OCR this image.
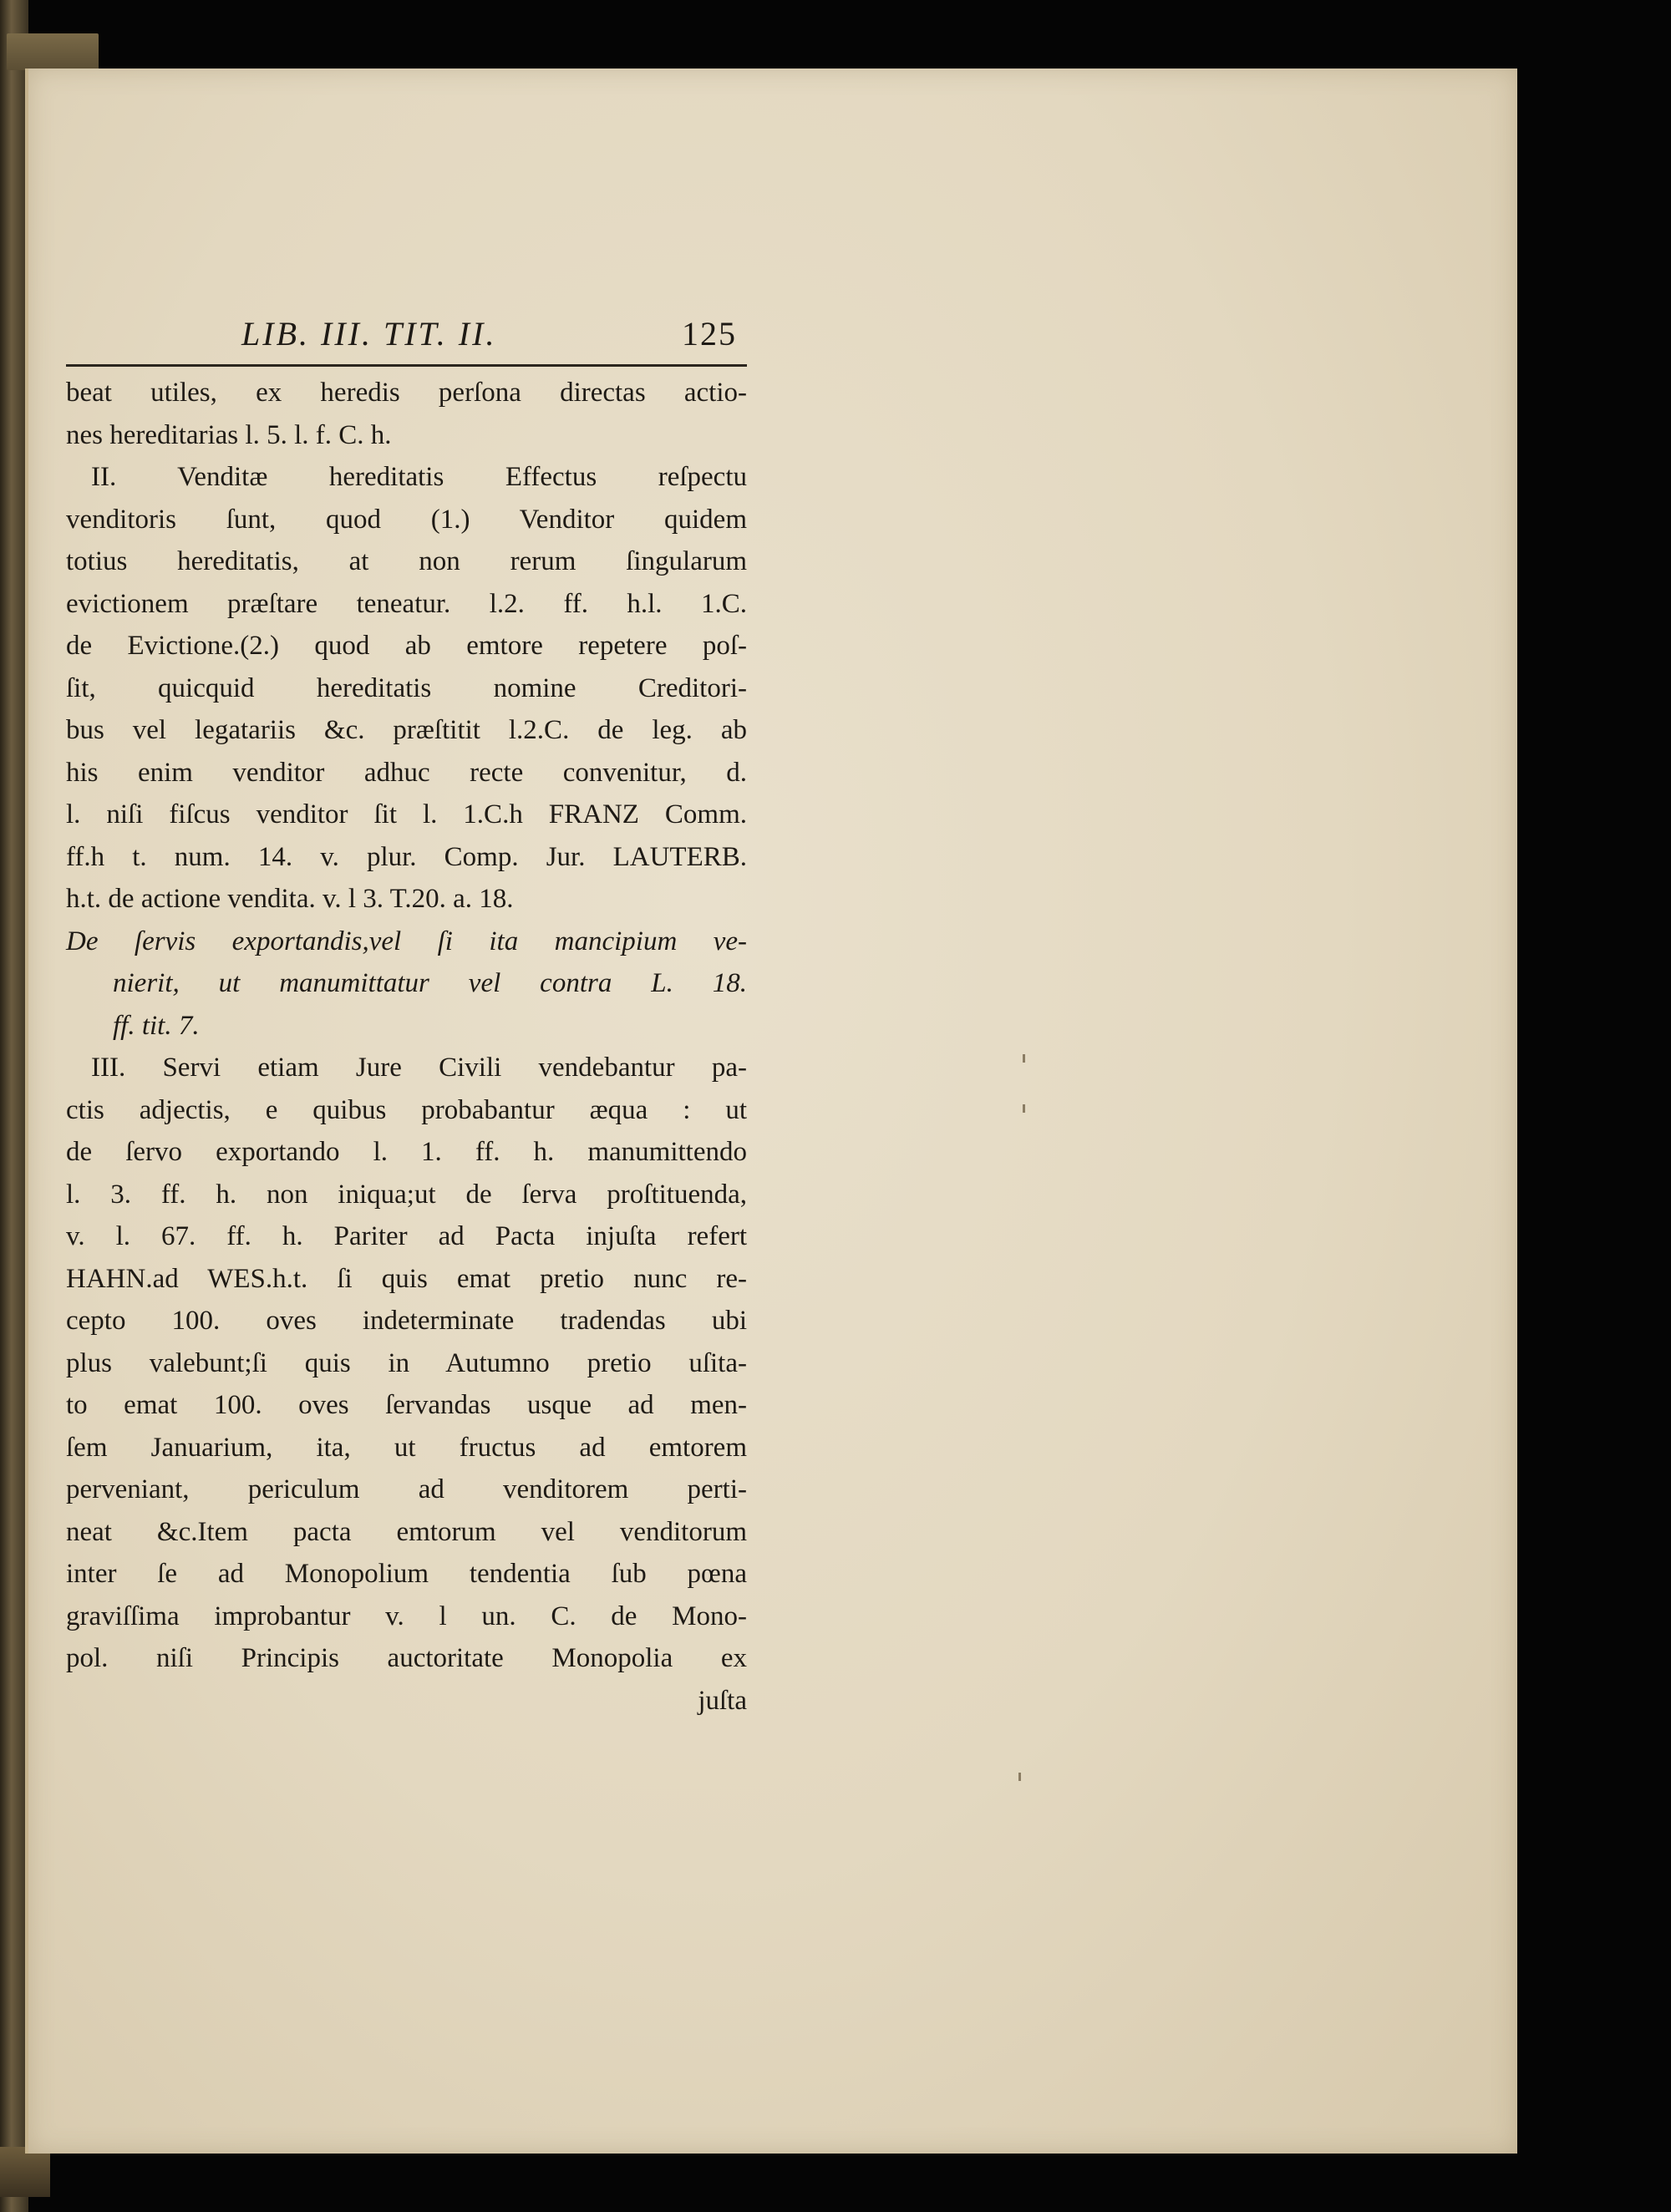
LIB. III. TIT. II.	125
beat utiles, ex heredis perſona directas actio-
nes hereditarias l. 5. l. f. C. h.
II. Venditæ hereditatis Effectus reſpectu
venditoris ſunt, quod (1.) Venditor quidem
totius hereditatis, at non rerum ſingularum
evictionem præſtare teneatur. l.2. ff. h.l. 1.C.
de Evictione.(2.) quod ab emtore repetere poſ-
ſit, quicquid hereditatis nomine Creditori-
bus vel legatariis &c. præſtitit l.2.C. de leg. ab
his enim venditor adhuc recte convenitur, d.
l. niſi fiſcus venditor ſit l. 1.C.h FRANZ Comm.
ff.h t. num. 14. v. plur. Comp. Jur. LAUTERB.
h.t. de actione vendita. v. l 3. T.20. a. 18.
De ſervis exportandis,vel ſi ita mancipium ve-
nierit, ut manumittatur vel contra L. 18.
ff. tit. 7.
III. Servi etiam Jure Civili vendebantur pa-
ctis adjectis, e quibus probabantur æqua : ut
de ſervo exportando l. 1. ff. h. manumittendo
l. 3. ff. h. non iniqua;ut de ſerva proſtituenda,
v. l. 67. ff. h. Pariter ad Pacta injuſta refert
HAHN.ad WES.h.t. ſi quis emat pretio nunc re-
cepto 100. oves indeterminate tradendas ubi
plus valebunt;ſi quis in Autumno pretio uſita-
to emat 100. oves ſervandas usque ad men-
ſem Januarium, ita, ut fructus ad emtorem
perveniant, periculum ad venditorem perti-
neat &c.Item pacta emtorum vel venditorum
inter ſe ad Monopolium tendentia ſub pœna
graviſſima improbantur v. l un. C. de Mono-
pol. niſi Principis auctoritate Monopolia ex
juſta
